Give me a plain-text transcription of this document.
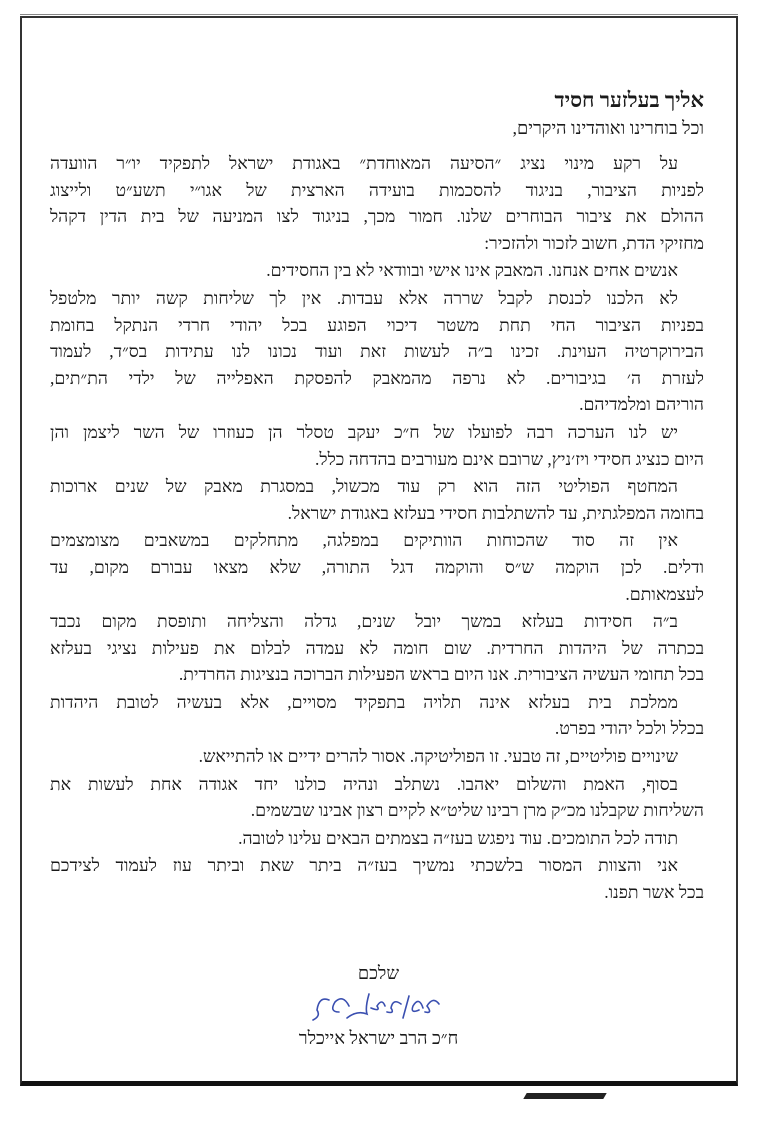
אליך בעלזער חסיד

וכל בוחרינו ואוהדינו היקרים,

על רקע מינוי נציג ״הסיעה המאוחדת״ באגודת ישראל לתפקיד יו״ר הוועדה
לפניות הציבור, בניגוד להסכמות בועידה הארצית של אגו״י תשע״ט ולייצוג
ההולם את ציבור הבוחרים שלנו. חמור מכך, בניגוד לצו המניעה של בית הדין דקהל
מחזיקי הדת, חשוב לזכור ולהזכיר:
אנשים אחים אנחנו. המאבק אינו אישי ובוודאי לא בין החסידים.
לא הלכנו לכנסת לקבל שררה אלא עבדות. אין לך שליחות קשה יותר מלטפל
בפניות הציבור החי תחת משטר דיכוי הפוגע בכל יהודי חרדי הנתקל בחומת
הבירוקרטיה העוינת. זכינו ב״ה לעשות זאת ועוד נכונו לנו עתידות בס״ד, לעמוד
לעזרת ה׳ בגיבורים. לא נרפה מהמאבק להפסקת האפלייה של ילדי הת״תים,
הוריהם ומלמדיהם.
יש לנו הערכה רבה לפועלו של ח״כ יעקב טסלר הן כעוזרו של השר ליצמן והן
היום כנציג חסידי ויז׳ניץ, שרובם אינם מעורבים בהדחה כלל.
המחטף הפוליטי הזה הוא רק עוד מכשול, במסגרת מאבק של שנים ארוכות
בחומה המפלגתית, עד להשתלבות חסידי בעלזא באגודת ישראל.
אין זה סוד שהכוחות הוותיקים במפלגה, מתחלקים במשאבים מצומצמים
ודלים. לכן הוקמה ש״ס והוקמה דגל התורה, שלא מצאו עבורם מקום, עד
לעצמאותם.
ב״ה חסידות בעלזא במשך יובל שנים, גדלה והצליחה ותופסת מקום נכבד
בכתרה של היהדות החרדית. שום חומה לא עמדה לבלום את פעילות נציגי בעלזא
בכל תחומי העשיה הציבורית. אנו היום בראש הפעילות הברוכה בנציגות החרדית.
ממלכת בית בעלזא אינה תלויה בתפקיד מסויים, אלא בעשיה לטובת היהדות
בכלל ולכל יהודי בפרט.
שינויים פוליטיים, זה טבעי. זו הפוליטיקה. אסור להרים ידיים או להתייאש.
בסוף, האמת והשלום יאהבו. נשתלב ונהיה כולנו יחד אגודה אחת לעשות את
השליחות שקבלנו מכ״ק מרן רבינו שליט״א לקיים רצון אבינו שבשמים.
תודה לכל התומכים. עוד ניפגש בעז״ה בצמתים הבאים עלינו לטובה.
אני והצוות המסור בלשכתי נמשיך בעז״ה ביתר שאת וביתר עוז לעמוד לצידכם
בכל אשר תפנו.
שלכם
ח״כ הרב ישראל אייכלר
